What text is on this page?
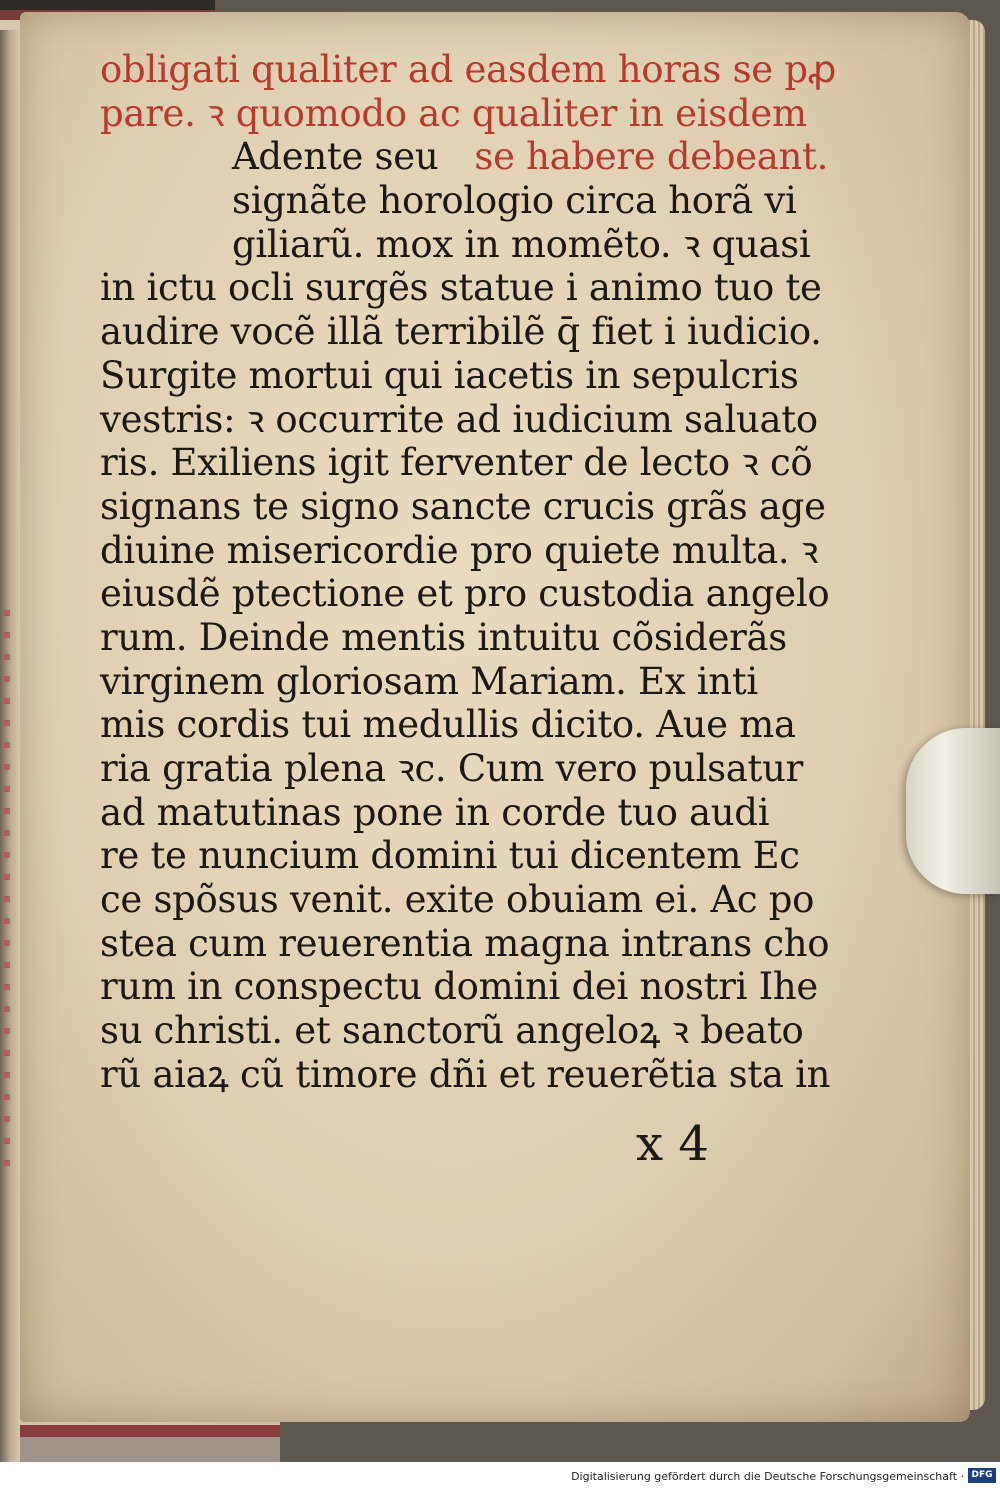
obligati qualiter ad easdem horas se pꝓ
pare. ꝛ quomodo ac qualiter in eisdem
Adente seu se habere debeant.
signãte horologio circa horã vi
giliarũ. mox in momẽto. ꝛ quasi
in ictu ocli surgẽs statue i animo tuo te
audire vocẽ illã terribilẽ q̄ fiet i iudicio.
Surgite mortui qui iacetis in sepulcris
vestris: ꝛ occurrite ad iudicium saluato
ris. Exiliens igit ferventer de lecto ꝛ cõ
signans te signo sancte crucis grãs age
diuine misericordie pro quiete multa. ꝛ
eiusdẽ ptectione et pro custodia angelo
rum. Deinde mentis intuitu cõsiderãs
virginem gloriosam Mariam. Ex inti
mis cordis tui medullis dicito. Aue ma
ria gratia plena ꝛc. Cum vero pulsatur
ad matutinas pone in corde tuo audi
re te nuncium domini tui dicentem Ec
ce spõsus venit. exite obuiam ei. Ac po
stea cum reuerentia magna intrans cho
rum in conspectu domini dei nostri Ihe
su christi. et sanctorũ angeloꝝ ꝛ beato
rũ aiaꝝ cũ timore dñi et reuerẽtia sta in
x 4
Digitalisierung gefördert durch die Deutsche Forschungsgemeinschaft · DFG
